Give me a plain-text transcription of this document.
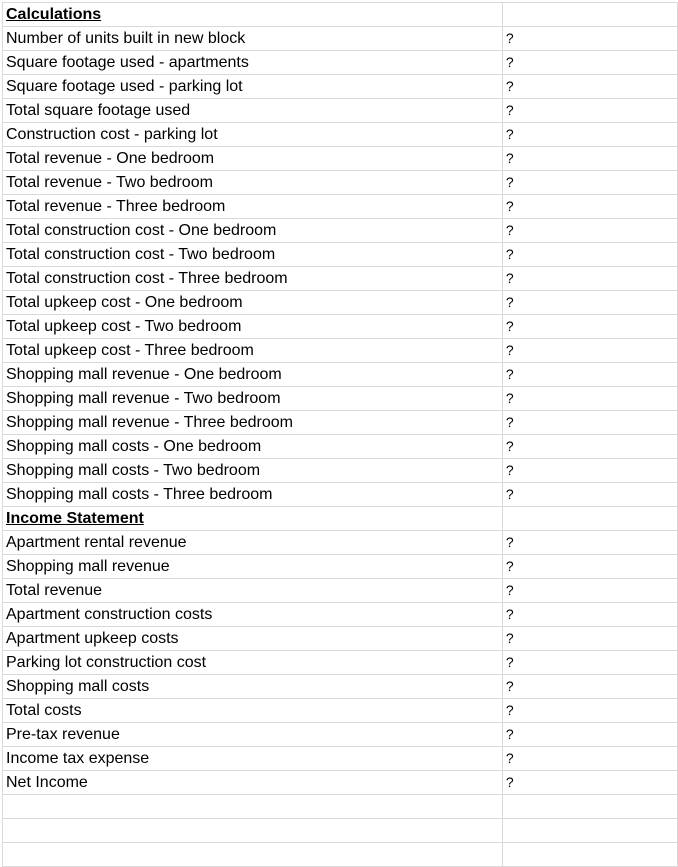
Calculations	
Number of units built in new block	?
Square footage used - apartments	?
Square footage used - parking lot	?
Total square footage used	?
Construction cost - parking lot	?
Total revenue - One bedroom	?
Total revenue - Two bedroom	?
Total revenue - Three bedroom	?
Total construction cost - One bedroom	?
Total construction cost - Two bedroom	?
Total construction cost - Three bedroom	?
Total upkeep cost - One bedroom	?
Total upkeep cost - Two bedroom	?
Total upkeep cost - Three bedroom	?
Shopping mall revenue - One bedroom	?
Shopping mall revenue - Two bedroom	?
Shopping mall revenue - Three bedroom	?
Shopping mall costs - One bedroom	?
Shopping mall costs - Two bedroom	?
Shopping mall costs - Three bedroom	?
Income Statement	
Apartment rental revenue	?
Shopping mall revenue	?
Total revenue	?
Apartment construction costs	?
Apartment upkeep costs	?
Parking lot construction cost	?
Shopping mall costs	?
Total costs	?
Pre-tax revenue	?
Income tax expense	?
Net Income	?
